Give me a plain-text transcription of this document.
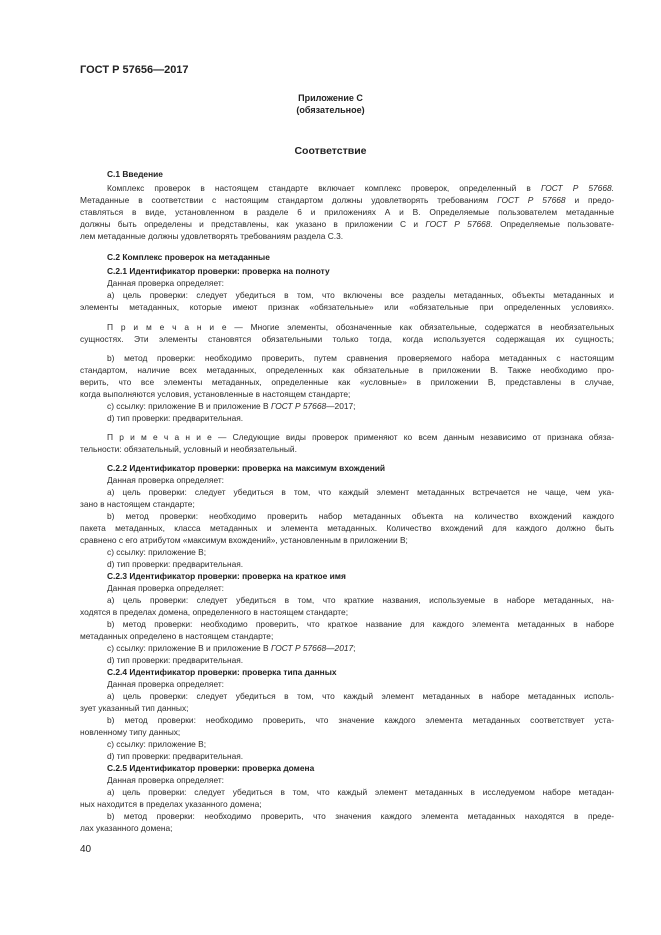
ГОСТ Р 57656—2017
Приложение С
(обязательное)
Соответствие
С.1 Введение
Комплекс проверок в настоящем стандарте включает комплекс проверок, определенный в ГОСТ Р 57668.
Метаданные в соответствии с настоящим стандартом должны удовлетворять требованиям ГОСТ Р 57668 и предо-
ставляться в виде, установленном в разделе 6 и приложениях А и В. Определяемые пользователем метаданные
должны быть определены и представлены, как указано в приложении С и ГОСТ Р 57668. Определяемые пользовате-
лем метаданные должны удовлетворять требованиям раздела С.3.
С.2 Комплекс проверок на метаданные
С.2.1 Идентификатор проверки: проверка на полноту
Данная проверка определяет:
а) цель проверки: следует убедиться в том, что включены все разделы метаданных, объекты метаданных и
элементы метаданных, которые имеют признак «обязательные» или «обязательные при определенных условиях».
П р и м е ч а н и е — Многие элементы, обозначенные как обязательные, содержатся в необязательных
сущностях. Эти элементы становятся обязательными только тогда, когда используется содержащая их сущность;
b) метод проверки: необходимо проверить, путем сравнения проверяемого набора метаданных с настоящим
стандартом, наличие всех метаданных, определенных как обязательные в приложении В. Также необходимо про-
верить, что все элементы метаданных, определенные как «условные» в приложении В, представлены в случае,
когда выполняются условия, установленные в настоящем стандарте;
с) ссылку: приложение В и приложение В ГОСТ Р 57668—2017;
d) тип проверки: предварительная.
П р и м е ч а н и е — Следующие виды проверок применяют ко всем данным независимо от признака обяза-
тельности: обязательный, условный и необязательный.
С.2.2 Идентификатор проверки: проверка на максимум вхождений
Данная проверка определяет:
а) цель проверки: следует убедиться в том, что каждый элемент метаданных встречается не чаще, чем ука-
зано в настоящем стандарте;
b) метод проверки: необходимо проверить набор метаданных объекта на количество вхождений каждого
пакета метаданных, класса метаданных и элемента метаданных. Количество вхождений для каждого должно быть
сравнено с его атрибутом «максимум вхождений», установленным в приложении В;
с) ссылку: приложение В;
d) тип проверки: предварительная.
С.2.3 Идентификатор проверки: проверка на краткое имя
Данная проверка определяет:
а) цель проверки: следует убедиться в том, что краткие названия, используемые в наборе метаданных, на-
ходятся в пределах домена, определенного в настоящем стандарте;
b) метод проверки: необходимо проверить, что краткое название для каждого элемента метаданных в наборе
метаданных определено в настоящем стандарте;
с) ссылку: приложение В и приложение В ГОСТ Р 57668—2017;
d) тип проверки: предварительная.
С.2.4 Идентификатор проверки: проверка типа данных
Данная проверка определяет:
а) цель проверки: следует убедиться в том, что каждый элемент метаданных в наборе метаданных исполь-
зует указанный тип данных;
b) метод проверки: необходимо проверить, что значение каждого элемента метаданных соответствует уста-
новленному типу данных;
с) ссылку: приложение В;
d) тип проверки: предварительная.
С.2.5 Идентификатор проверки: проверка домена
Данная проверка определяет:
а) цель проверки: следует убедиться в том, что каждый элемент метаданных в исследуемом наборе метадан-
ных находится в пределах указанного домена;
b) метод проверки: необходимо проверить, что значения каждого элемента метаданных находятся в преде-
лах указанного домена;
40
